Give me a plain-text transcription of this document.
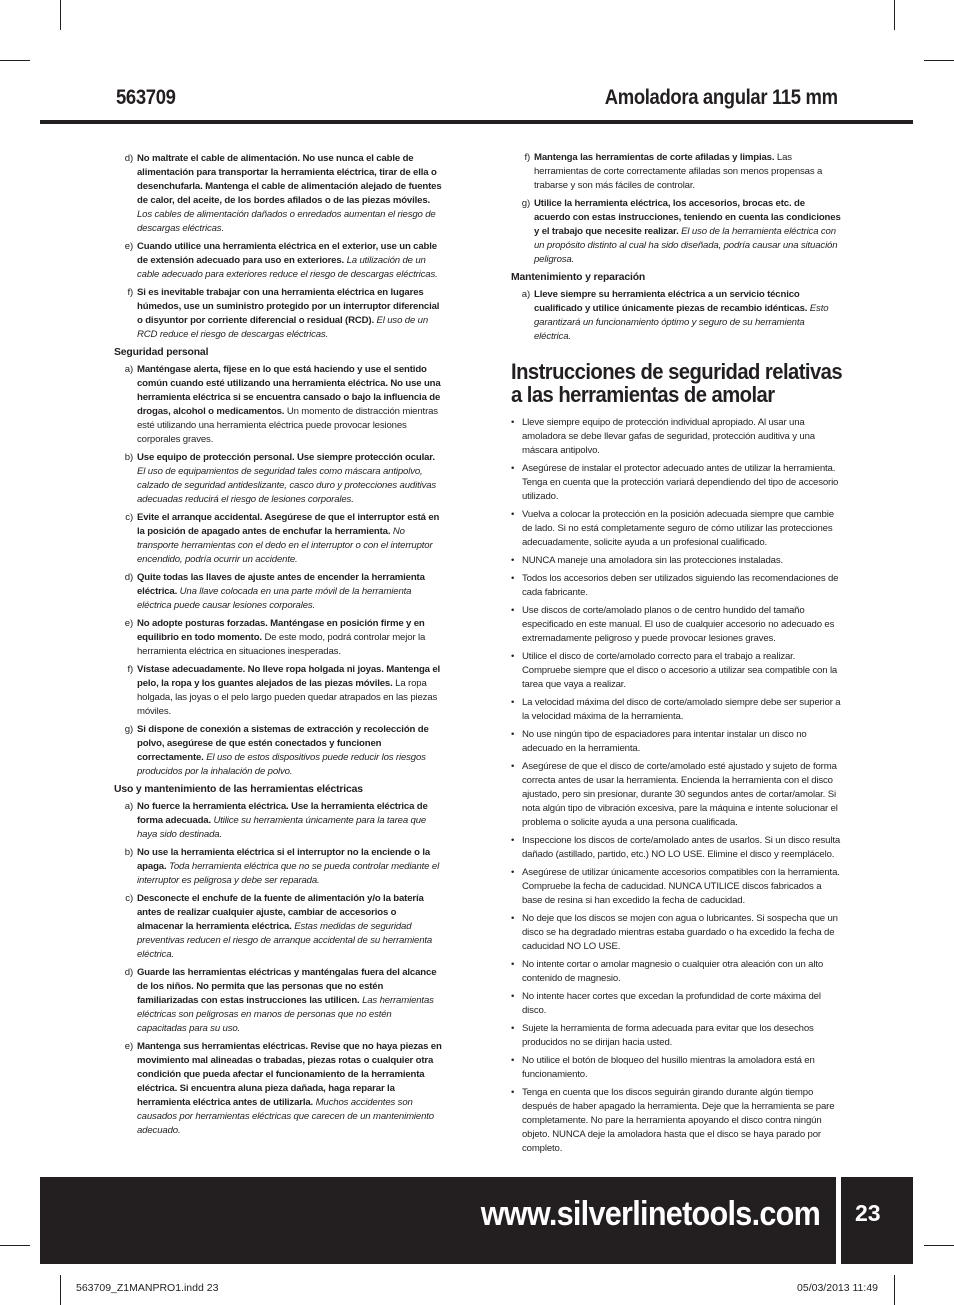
563709	Amoladora angular 115 mm
d) No maltrate el cable de alimentación. No use nunca el cable de alimentación para transportar la herramienta eléctrica, tirar de ella o desenchufarla. Mantenga el cable de alimentación alejado de fuentes de calor, del aceite, de los bordes afilados o de las piezas móviles. Los cables de alimentación dañados o enredados aumentan el riesgo de descargas eléctricas.
e) Cuando utilice una herramienta eléctrica en el exterior, use un cable de extensión adecuado para uso en exteriores. La utilización de un cable adecuado para exteriores reduce el riesgo de descargas eléctricas.
f) Si es inevitable trabajar con una herramienta eléctrica en lugares húmedos, use un suministro protegido por un interruptor diferencial o disyuntor por corriente diferencial o residual (RCD). El uso de un RCD reduce el riesgo de descargas eléctricas.
Seguridad personal
a) Manténgase alerta, fíjese en lo que está haciendo y use el sentido común cuando esté utilizando una herramienta eléctrica. No use una herramienta eléctrica si se encuentra cansado o bajo la influencia de drogas, alcohol o medicamentos. Un momento de distracción mientras esté utilizando una herramienta eléctrica puede provocar lesiones corporales graves.
b) Use equipo de protección personal. Use siempre protección ocular. El uso de equipamientos de seguridad tales como máscara antipolvo, calzado de seguridad antideslizante, casco duro y protecciones auditivas adecuadas reducirá el riesgo de lesiones corporales.
c) Evite el arranque accidental. Asegúrese de que el interruptor está en la posición de apagado antes de enchufar la herramienta. No transporte herramientas con el dedo en el interruptor o con el interruptor encendido, podría ocurrir un accidente.
d) Quite todas las llaves de ajuste antes de encender la herramienta eléctrica. Una llave colocada en una parte móvil de la herramienta eléctrica puede causar lesiones corporales.
e) No adopte posturas forzadas. Manténgase en posición firme y en equilibrio en todo momento. De este modo, podrá controlar mejor la herramienta eléctrica en situaciones inesperadas.
f) Vístase adecuadamente. No lleve ropa holgada ni joyas. Mantenga el pelo, la ropa y los guantes alejados de las piezas móviles. La ropa holgada, las joyas o el pelo largo pueden quedar atrapados en las piezas móviles.
g) Si dispone de conexión a sistemas de extracción y recolección de polvo, asegúrese de que estén conectados y funcionen correctamente. El uso de estos dispositivos puede reducir los riesgos producidos por la inhalación de polvo.
Uso y mantenimiento de las herramientas eléctricas
a) No fuerce la herramienta eléctrica. Use la herramienta eléctrica de forma adecuada. Utilice su herramienta únicamente para la tarea que haya sido destinada.
b) No use la herramienta eléctrica si el interruptor no la enciende o la apaga. Toda herramienta eléctrica que no se pueda controlar mediante el interruptor es peligrosa y debe ser reparada.
c) Desconecte el enchufe de la fuente de alimentación y/o la batería antes de realizar cualquier ajuste, cambiar de accesorios o almacenar la herramienta eléctrica. Estas medidas de seguridad preventivas reducen el riesgo de arranque accidental de su herramienta eléctrica.
d) Guarde las herramientas eléctricas y manténgalas fuera del alcance de los niños. No permita que las personas que no estén familiarizadas con estas instrucciones las utilicen. Las herramientas eléctricas son peligrosas en manos de personas que no estén capacitadas para su uso.
e) Mantenga sus herramientas eléctricas. Revise que no haya piezas en movimiento mal alineadas o trabadas, piezas rotas o cualquier otra condición que pueda afectar el funcionamiento de la herramienta eléctrica. Si encuentra aluna pieza dañada, haga reparar la herramienta eléctrica antes de utilizarla. Muchos accidentes son causados por herramientas eléctricas que carecen de un mantenimiento adecuado.
f) Mantenga las herramientas de corte afiladas y limpias. Las herramientas de corte correctamente afiladas son menos propensas a trabarse y son más fáciles de controlar.
g) Utilice la herramienta eléctrica, los accesorios, brocas etc. de acuerdo con estas instrucciones, teniendo en cuenta las condiciones y el trabajo que necesite realizar. El uso de la herramienta eléctrica con un propósito distinto al cual ha sido diseñada, podría causar una situación peligrosa.
Mantenimiento y reparación
a) Lleve siempre su herramienta eléctrica a un servicio técnico cualificado y utilice únicamente piezas de recambio idénticas. Esto garantizará un funcionamiento óptimo y seguro de su herramienta eléctrica.
Instrucciones de seguridad relativas a las herramientas de amolar
• Lleve siempre equipo de protección individual apropiado. Al usar una amoladora se debe llevar gafas de seguridad, protección auditiva y una máscara antipolvo.
• Asegúrese de instalar el protector adecuado antes de utilizar la herramienta. Tenga en cuenta que la protección variará dependiendo del tipo de accesorio utilizado.
• Vuelva a colocar la protección en la posición adecuada siempre que cambie de lado. Si no está completamente seguro de cómo utilizar las protecciones adecuadamente, solicite ayuda a un profesional cualificado.
• NUNCA maneje una amoladora sin las protecciones instaladas.
• Todos los accesorios deben ser utilizados siguiendo las recomendaciones de cada fabricante.
• Use discos de corte/amolado planos o de centro hundido del tamaño especificado en este manual. El uso de cualquier accesorio no adecuado es extremadamente peligroso y puede provocar lesiones graves.
• Utilice el disco de corte/amolado correcto para el trabajo a realizar. Compruebe siempre que el disco o accesorio a utilizar sea compatible con la tarea que vaya a realizar.
• La velocidad máxima del disco de corte/amolado siempre debe ser superior a la velocidad máxima de la herramienta.
• No use ningún tipo de espaciadores para intentar instalar un disco no adecuado en la herramienta.
• Asegúrese de que el disco de corte/amolado esté ajustado y sujeto de forma correcta antes de usar la herramienta. Encienda la herramienta con el disco ajustado, pero sin presionar, durante 30 segundos antes de cortar/amolar. Si nota algún tipo de vibración excesiva, pare la máquina e intente solucionar el problema o solicite ayuda a una persona cualificada.
• Inspeccione los discos de corte/amolado antes de usarlos. Si un disco resulta dañado (astillado, partido, etc.) NO LO USE. Elimine el disco y reemplácelo.
• Asegúrese de utilizar únicamente accesorios compatibles con la herramienta. Compruebe la fecha de caducidad. NUNCA UTILICE discos fabricados a base de resina si han excedido la fecha de caducidad.
• No deje que los discos se mojen con agua o lubricantes. Si sospecha que un disco se ha degradado mientras estaba guardado o ha excedido la fecha de caducidad NO LO USE.
• No intente cortar o amolar magnesio o cualquier otra aleación con un alto contenido de magnesio.
• No intente hacer cortes que excedan la profundidad de corte máxima del disco.
• Sujete la herramienta de forma adecuada para evitar que los desechos producidos no se dirijan hacia usted.
• No utilice el botón de bloqueo del husillo mientras la amoladora está en funcionamiento.
• Tenga en cuenta que los discos seguirán girando durante algún tiempo después de haber apagado la herramienta. Deje que la herramienta se pare completamente. No pare la herramienta apoyando el disco contra ningún objeto. NUNCA deje la amoladora hasta que el disco se haya parado por completo.
www.silverlinetools.com 23
563709_Z1MANPRO1.indd 23	05/03/2013 11:49
